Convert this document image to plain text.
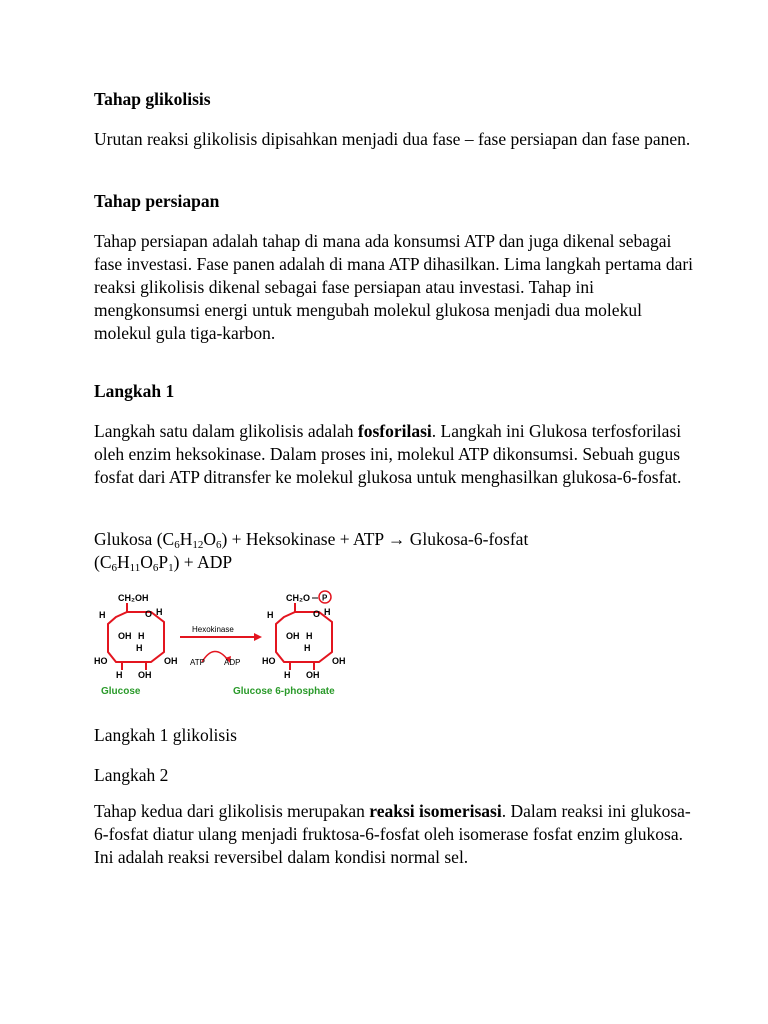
Tahap glikolisis

Urutan reaksi glikolisis dipisahkan menjadi dua fase – fase persiapan dan fase panen.

Tahap persiapan

Tahap persiapan adalah tahap di mana ada konsumsi ATP dan juga dikenal sebagai fase investasi. Fase panen adalah di mana ATP dihasilkan. Lima langkah pertama dari reaksi glikolisis dikenal sebagai fase persiapan atau investasi. Tahap ini mengkonsumsi energi untuk mengubah molekul glukosa menjadi dua molekul molekul gula tiga-karbon.

Langkah 1

Langkah satu dalam glikolisis adalah fosforilasi. Langkah ini Glukosa terfosforilasi oleh enzim heksokinase. Dalam proses ini, molekul ATP dikonsumsi. Sebuah gugus fosfat dari ATP ditransfer ke molekul glukosa untuk menghasilkan glukosa-6-fosfat.

Glukosa $(C_6H_{12}O_6)$ + Heksokinase + ATP → Glukosa-6-fosfat
$(C_6H_{11}O_6P_1)$ + ADP

CH₂OH
O H
H
OH H
HO
H
OH
H OH
Glucose
Hexokinase
ATP ADP
CH₂O P
O H
H
OH H
HO
H
OH
H OH
Glucose 6-phosphate

Langkah 1 glikolisis

Langkah 2

Tahap kedua dari glikolisis merupakan reaksi isomerisasi. Dalam reaksi ini glukosa-6-fosfat diatur ulang menjadi fruktosa-6-fosfat oleh isomerase fosfat enzim glukosa. Ini adalah reaksi reversibel dalam kondisi normal sel.
